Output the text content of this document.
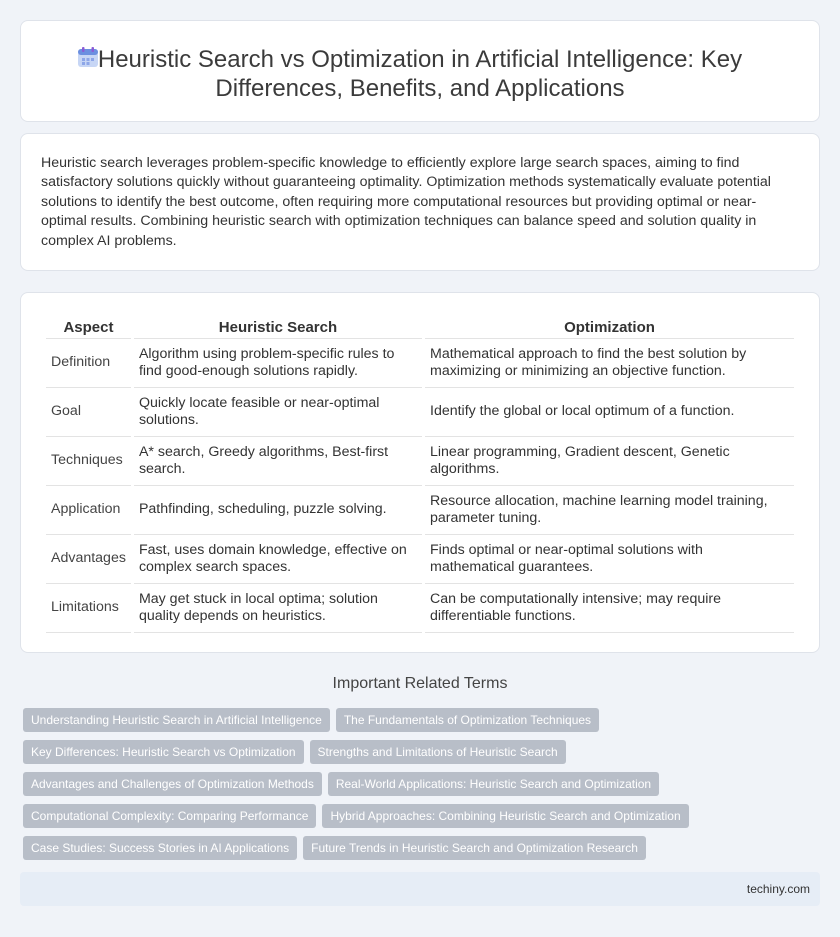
Heuristic Search vs Optimization in Artificial Intelligence: Key Differences, Benefits, and Applications

Heuristic search leverages problem-specific knowledge to efficiently explore large search spaces, aiming to find satisfactory solutions quickly without guaranteeing optimality. Optimization methods systematically evaluate potential solutions to identify the best outcome, often requiring more computational resources but providing optimal or near-optimal results. Combining heuristic search with optimization techniques can balance speed and solution quality in complex AI problems.

Aspect	Heuristic Search	Optimization
Definition	Algorithm using problem-specific rules to find good-enough solutions rapidly.	Mathematical approach to find the best solution by maximizing or minimizing an objective function.
Goal	Quickly locate feasible or near-optimal solutions.	Identify the global or local optimum of a function.
Techniques	A* search, Greedy algorithms, Best-first search.	Linear programming, Gradient descent, Genetic algorithms.
Application	Pathfinding, scheduling, puzzle solving.	Resource allocation, machine learning model training, parameter tuning.
Advantages	Fast, uses domain knowledge, effective on complex search spaces.	Finds optimal or near-optimal solutions with mathematical guarantees.
Limitations	May get stuck in local optima; solution quality depends on heuristics.	Can be computationally intensive; may require differentiable functions.
Important Related Terms
Understanding Heuristic Search in Artificial Intelligence	The Fundamentals of Optimization Techniques
Key Differences: Heuristic Search vs Optimization	Strengths and Limitations of Heuristic Search
Advantages and Challenges of Optimization Methods	Real-World Applications: Heuristic Search and Optimization
Computational Complexity: Comparing Performance	Hybrid Approaches: Combining Heuristic Search and Optimization
Case Studies: Success Stories in AI Applications	Future Trends in Heuristic Search and Optimization Research
techiny.com
